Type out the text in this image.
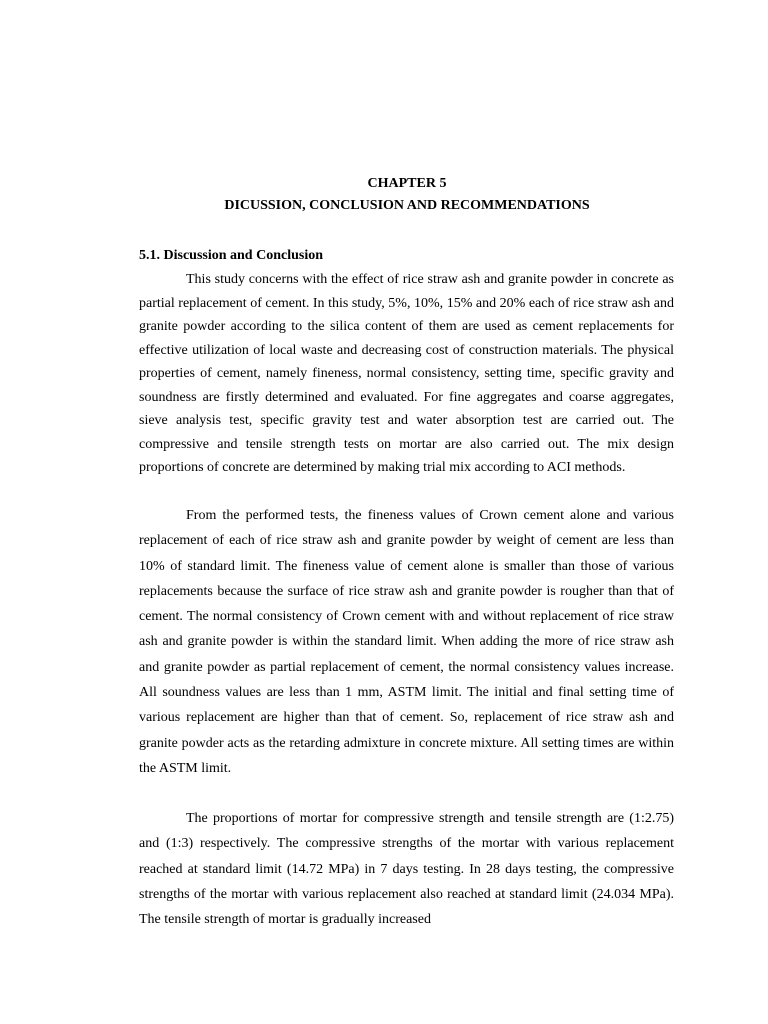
CHAPTER 5

DICUSSION, CONCLUSION AND RECOMMENDATIONS

5.1. Discussion and Conclusion

This study concerns with the effect of rice straw ash and granite powder in concrete as partial replacement of cement. In this study, 5%, 10%, 15% and 20% each of rice straw ash and granite powder according to the silica content of them are used as cement replacements for effective utilization of local waste and decreasing cost of construction materials. The physical properties of cement, namely fineness, normal consistency, setting time, specific gravity and soundness are firstly determined and evaluated. For fine aggregates and coarse aggregates, sieve analysis test, specific gravity test and water absorption test are carried out. The compressive and tensile strength tests on mortar are also carried out. The mix design proportions of concrete are determined by making trial mix according to ACI methods.

From the performed tests, the fineness values of Crown cement alone and various replacement of each of rice straw ash and granite powder by weight of cement are less than 10% of standard limit. The fineness value of cement alone is smaller than those of various replacements because the surface of rice straw ash and granite powder is rougher than that of cement. The normal consistency of Crown cement with and without replacement of rice straw ash and granite powder is within the standard limit. When adding the more of rice straw ash and granite powder as partial replacement of cement, the normal consistency values increase. All soundness values are less than 1 mm, ASTM limit. The initial and final setting time of various replacement are higher than that of cement. So, replacement of rice straw ash and granite powder acts as the retarding admixture in concrete mixture. All setting times are within the ASTM limit.

The proportions of mortar for compressive strength and tensile strength are (1:2.75) and (1:3) respectively. The compressive strengths of the mortar with various replacement reached at standard limit (14.72 MPa) in 7 days testing. In 28 days testing, the compressive strengths of the mortar with various replacement also reached at standard limit (24.034 MPa). The tensile strength of mortar is gradually increased
